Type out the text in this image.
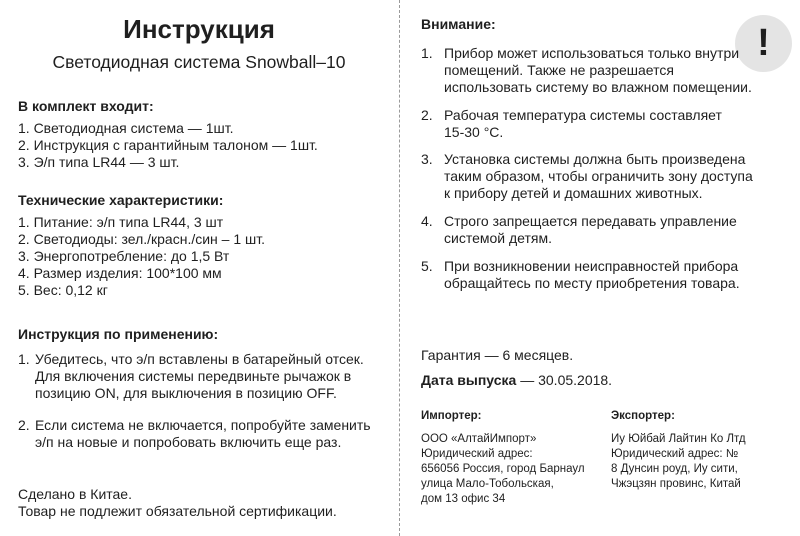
Инструкция
Светодиодная система Snowball–10
В комплект входит:
1. Светодиодная система — 1шт.
2. Инструкция с гарантийным талоном — 1шт.
3. Э/п типа LR44 — 3 шт.
Технические характеристики:
1. Питание: э/п типа LR44, 3 шт
2. Светодиоды: зел./красн./син – 1 шт.
3. Энергопотребление: до 1,5 Вт
4. Размер изделия: 100*100 мм
5. Вес: 0,12 кг
Инструкция по применению:
1. Убедитесь, что э/п вставлены в батарейный отсек.
Для включения системы передвиньте рычажок в
позицию ON, для выключения в позицию OFF.
2. Если система не включается, попробуйте заменить
э/п на новые и попробовать включить еще раз.
Сделано в Китае.
Товар не подлежит обязательной сертификации.
Внимание:	!
1. Прибор может использоваться только внутри
помещений. Также не разрешается
использовать систему во влажном помещении.
2. Рабочая температура системы составляет
15-30 °С.
3. Установка системы должна быть произведена
таким образом, чтобы ограничить зону доступа
к прибору детей и домашних животных.
4. Строго запрещается передавать управление
системой детям.
5. При возникновении неисправностей прибора
обращайтесь по месту приобретения товара.
Гарантия — 6 месяцев.
Дата выпуска — 30.05.2018.
Импортер:
ООО «АлтайИмпорт»
Юридический адрес:
656056 Россия, город Барнаул
улица Мало-Тобольская,
дом 13 офис 34
Экспортер:
Иу Юйбай Лайтин Ко Лтд
Юридический адрес: №
8 Дунсин роуд, Иу сити,
Чжэцзян провинс, Китай
